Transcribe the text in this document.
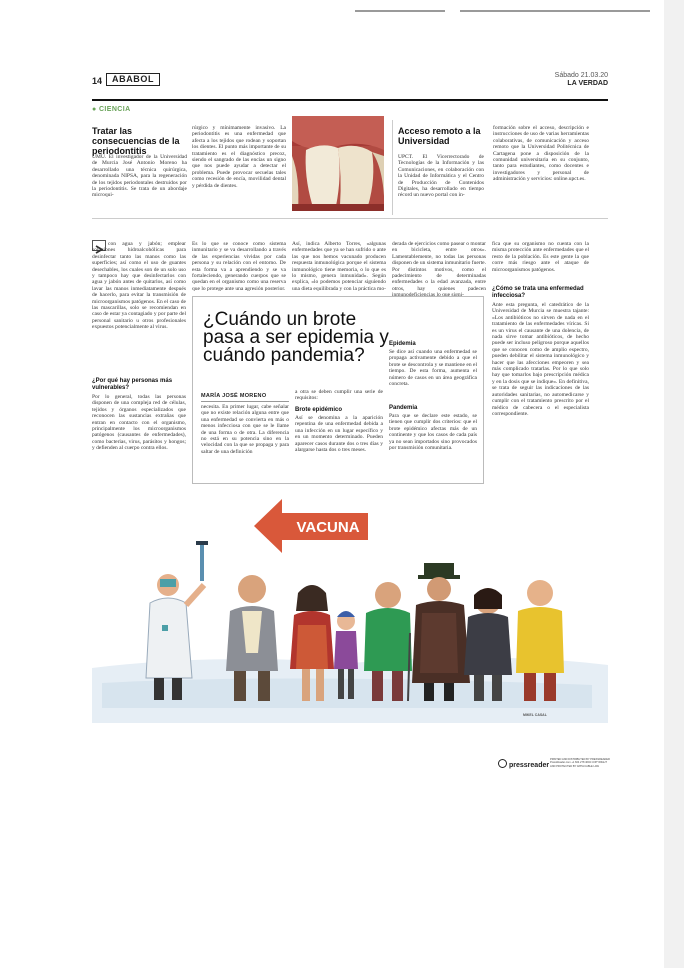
14	ABABOL	Sábado 21.03.20
LA VERDAD
● CIENCIA
Tratar las consecuencias de la periodontitis
UMU. El investigador de la Universidad de Murcia José Antonio Moreno ha desarrollado una técnica quirúrgica, denominada NIPSA, para la regeneración de los tejidos periodontales destruidos por la periodontitis. Se trata de un abordaje microqui-
rúrgico y mínimamente invasivo. La periodontitis es una enfermedad que afecta a los tejidos que rodean y soportan los dientes. El punto más importante de su tratamiento es el diagnóstico precoz, siendo el sangrado de las encías un signo que nos puede ayudar a detectar el problema. Puede provocar secuelas tales como recesión de encía, movilidad dental y pérdida de dientes.
Acceso remoto a la Universidad
UPCT. El Vicerrectorado de Tecnologías de la Información y las Comunicaciones, en colaboración con la Unidad de Informática y el Centro de Producción de Contenidos Digitales, ha desarrollado en tiempo récord un nuevo portal con in-
formación sobre el acceso, descripción e instrucciones de uso de varias herramientas colaborativas, de comunicación y acceso remoto que la Universidad Politécnica de Cartagena pone a disposición de la comunidad universitaria en su conjunto, tanto para estudiantes, como docentes e investigadores y personal de administración y servicios: online.upct.es.
con agua y jabón; emplear soluciones hidroalcohólicas para desinfectar tanto las manos como las superficies; así como el uso de guantes desechables, los cuales son de un solo uso y tampoco hay que desinfectarlos con agua y jabón antes de quitarlos, así como lavar las manos inmediatamente después de hacerlo, para evitar la transmisión de microorganismos patógenos. En el caso de las mascarillas, solo se recomiendan en caso de estar ya contagiado y por parte del personal sanitario u otros profesionales expuestos potencialmente al virus.
¿Por qué hay personas más vulnerables?
Por lo general, todas las personas disponen de una compleja red de células, tejidos y órganos especializados que reconocen las sustancias extrañas que entran en contacto con el organismo, principalmente los microorganismos patógenos (causantes de enfermedades), como bacterias, virus, parásitos y hongos; y defienden al cuerpo contra ellos.
Es lo que se conoce como sistema inmunitario y se va desarrollando a través de las experiencias vividas por cada persona y su relación con el entorno. De esta forma va a aprendiendo y se va fortaleciendo, generando cuerpos que se quedan en el organismo como una reserva que lo protege ante una agresión posterior.
Así, indica Alberto Torres, «algunas enfermedades que ya se han sufrido o ante las que nos hemos vacunado producen respuesta inmunológica porque el sistema inmunológico tiene memoria, o lo que es lo mismo, genera inmunidad». Según explica, «lo podemos potenciar siguiendo una dieta equilibrada y con la práctica mo-
derada de ejercicios como pasear o montar en bicicleta, entre otros». Lamentablemente, no todas las personas disponen de un sistema inmunitario fuerte. Por distintos motivos, como el padecimiento de determinadas enfermedades o la edad avanzada, entre otros, hay quienes padecen
fica que su organismo no cuenta con la misma protección ante enfermedades que el resto de la población. Es este gente la que corre más riesgo ante el ataque de microorganismos patógenos.
¿Cómo se trata una enfermedad infecciosa?
Ante esta pregunta, el catedrático de la Universidad de Murcia se muestra tajante: «Los antibióticos no sirven de nada en el tratamiento de las enfermedades víricas. Si es un virus el causante de una dolencia, de nada sirve tomar antibióticos, de hecho puede ser incluso peligroso porque aquellos que se conocen como de amplio espectro, pueden debilitar el sistema inmunológico y hacer que las afecciones empeoren y sea más complicado tratarlas. Por lo que solo hay que tomarlos bajo prescripción médica y en la dosis que se indique». En definitiva, se trata de seguir las indicaciones de las autoridades sanitarias, no automedicarse y cumplir con el tratamiento prescrito por el médico de cabecera o el especialista correspondiente.
¿Cuándo un brote pasa a ser epidemia y cuándo pandemia?
MARÍA JOSÉ MORENO
necesita. En primer lugar, cabe señalar que no existe relación alguna entre que una enfermedad se convierta en más o menos infecciosa con que se le llame de una forma o de otra. La diferencia no está en su potencia sino en la velocidad con la que se propaga y para saltar de una definición
a otra se deben cumplir una serie de requisitos:
Brote epidémico
Así se denomina a la aparición repentina de una enfermedad debida a una infección en un lugar específico y en un momento determinado. Pueden aparecer casos durante dos o tres días y alargarse hasta dos o tres meses.
Epidemia
Se dice así cuando una enfermedad se propaga activamente debido a que el brote se descontrola y se mantiene en el tiempo. De esta forma, aumenta el número de casos en un área geográfica concreta.
Pandemia
Para que se declare este estado, se tienen que cumplir dos criterios: que el brote epidémico afectas más de un continente y que los casos de cada país ya no sean importados sino provocados por transmisión comunitaria.
VACUNA
MIKEL CASAL
pressreader
PRINTED AND DISTRIBUTED BY PRESSREADER PressReader.com +1 604 278 4604 COPYRIGHT AND PROTECTED BY APPLICABLE LAW
